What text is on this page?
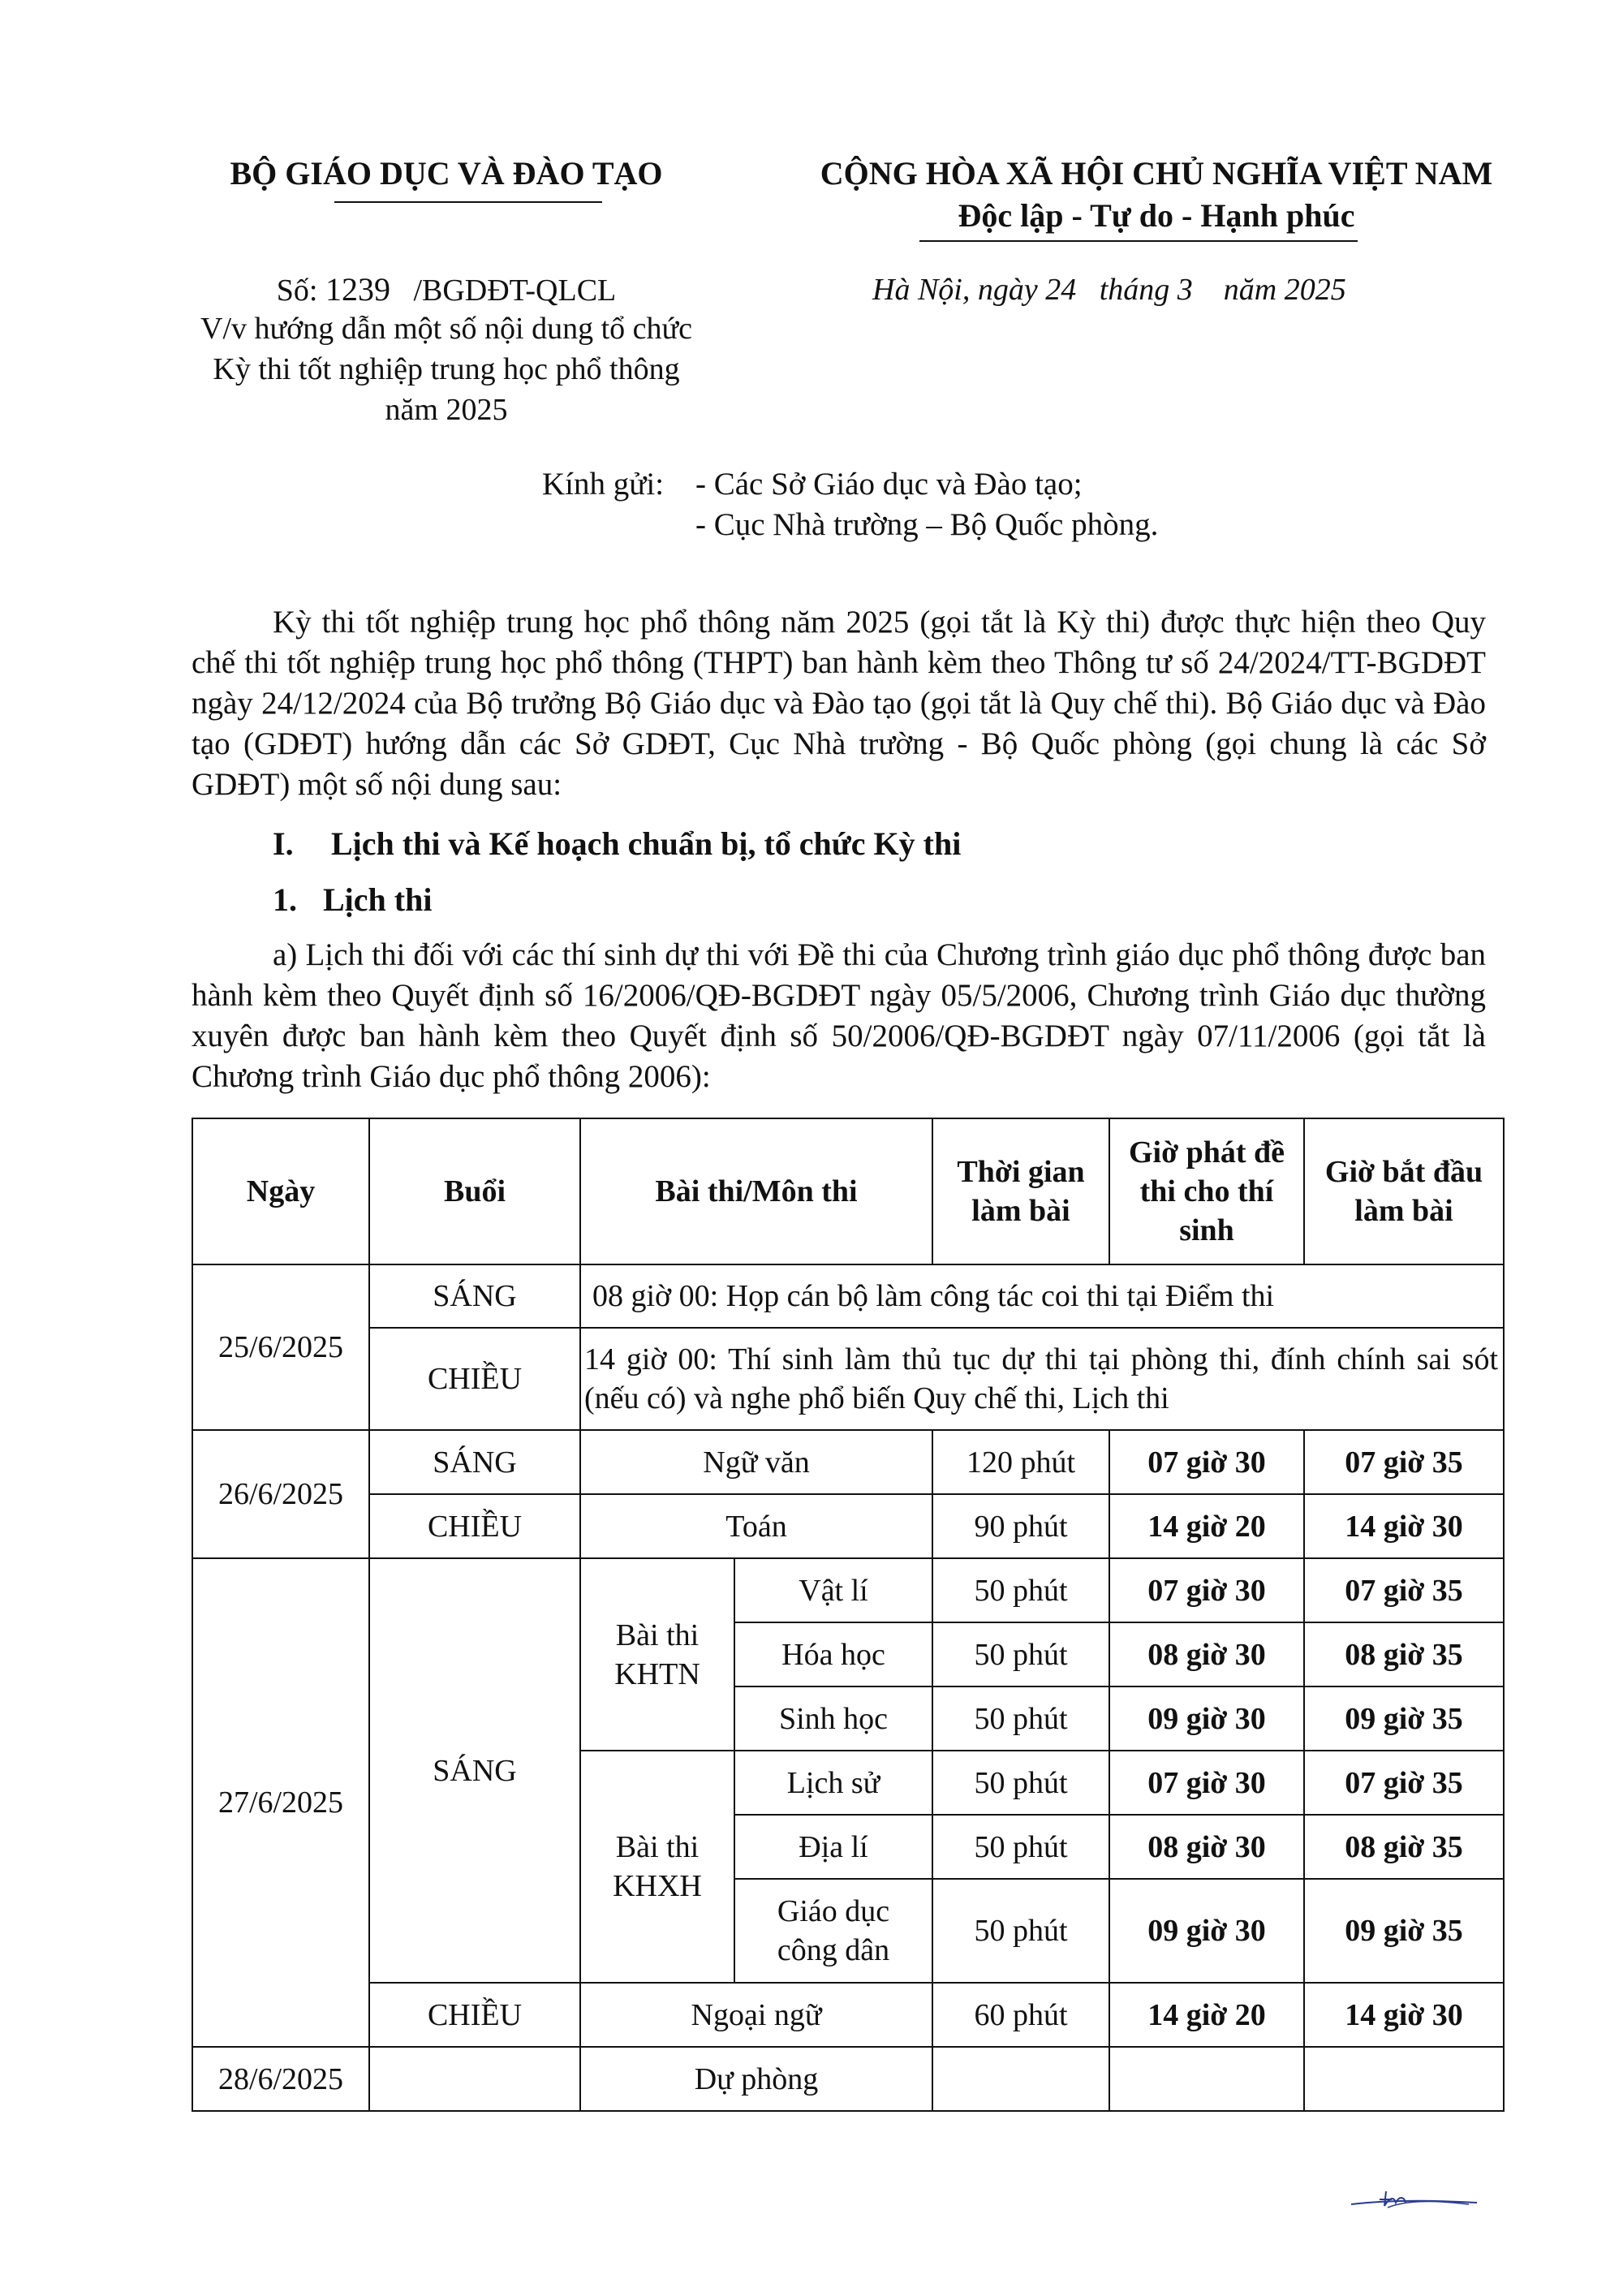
BỘ GIÁO DỤC VÀ ĐÀO TẠO	CỘNG HÒA XÃ HỘI CHỦ NGHĨA VIỆT NAM
Độc lập - Tự do - Hạnh phúc
Số: 1239 /BGDĐT-QLCL
V/v hướng dẫn một số nội dung tổ chức
Kỳ thi tốt nghiệp trung học phổ thông
năm 2025
Hà Nội, ngày 24 tháng 3 năm 2025
Kính gửi: - Các Sở Giáo dục và Đào tạo;
- Cục Nhà trường – Bộ Quốc phòng.
Kỳ thi tốt nghiệp trung học phổ thông năm 2025 (gọi tắt là Kỳ thi) được thực hiện theo Quy chế thi tốt nghiệp trung học phổ thông (THPT) ban hành kèm theo Thông tư số 24/2024/TT-BGDĐT ngày 24/12/2024 của Bộ trưởng Bộ Giáo dục và Đào tạo (gọi tắt là Quy chế thi). Bộ Giáo dục và Đào tạo (GDĐT) hướng dẫn các Sở GDĐT, Cục Nhà trường - Bộ Quốc phòng (gọi chung là các Sở GDĐT) một số nội dung sau:
I. Lịch thi và Kế hoạch chuẩn bị, tổ chức Kỳ thi
1. Lịch thi
a) Lịch thi đối với các thí sinh dự thi với Đề thi của Chương trình giáo dục phổ thông được ban hành kèm theo Quyết định số 16/2006/QĐ-BGDĐT ngày 05/5/2006, Chương trình Giáo dục thường xuyên được ban hành kèm theo Quyết định số 50/2006/QĐ-BGDĐT ngày 07/11/2006 (gọi tắt là Chương trình Giáo dục phổ thông 2006):
Ngày	Buổi	Bài thi/Môn thi		Thời gian làm bài	Giờ phát đề thi cho thí sinh	Giờ bắt đầu làm bài
25/6/2025	SÁNG	08 giờ 00: Họp cán bộ làm công tác coi thi tại Điểm thi				
	CHIỀU	14 giờ 00: Thí sinh làm thủ tục dự thi tại phòng thi, đính chính sai sót (nếu có) và nghe phổ biến Quy chế thi, Lịch thi				
26/6/2025	SÁNG	Ngữ văn		120 phút	07 giờ 30	07 giờ 35
	CHIỀU	Toán		90 phút	14 giờ 20	14 giờ 30
27/6/2025	SÁNG	Bài thi KHTN	Vật lí	50 phút	07 giờ 30	07 giờ 35
			Hóa học	50 phút	08 giờ 30	08 giờ 35
			Sinh học	50 phút	09 giờ 30	09 giờ 35
		Bài thi KHXH	Lịch sử	50 phút	07 giờ 30	07 giờ 35
			Địa lí	50 phút	08 giờ 30	08 giờ 35
			Giáo dục công dân	50 phút	09 giờ 30	09 giờ 35
	CHIỀU	Ngoại ngữ		60 phút	14 giờ 20	14 giờ 30
28/6/2025		Dự phòng				
